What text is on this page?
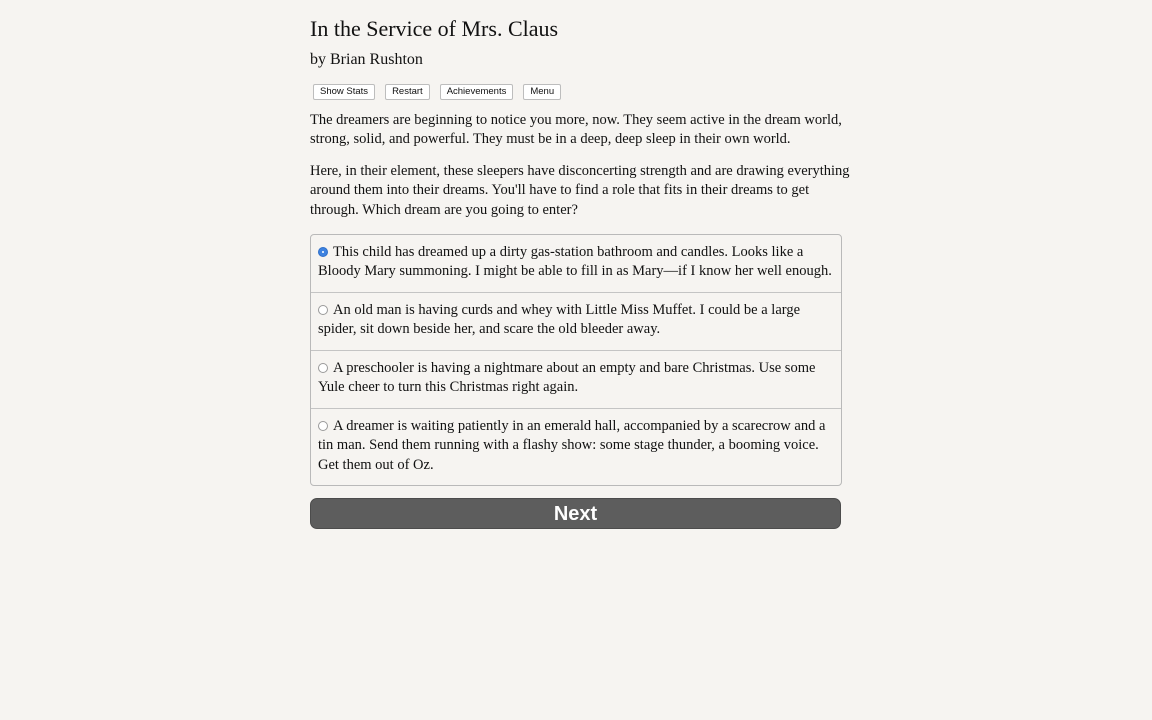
In the Service of Mrs. Claus
by Brian Rushton
Show Stats	Restart	Achievements	Menu

The dreamers are beginning to notice you more, now. They seem active in the dream world, strong, solid, and powerful. They must be in a deep, deep sleep in their own world.

Here, in their element, these sleepers have disconcerting strength and are drawing everything around them into their dreams. You'll have to find a role that fits in their dreams to get through. Which dream are you going to enter?

This child has dreamed up a dirty gas-station bathroom and candles. Looks like a Bloody Mary summoning. I might be able to fill in as Mary—if I know her well enough.
An old man is having curds and whey with Little Miss Muffet. I could be a large spider, sit down beside her, and scare the old bleeder away.
A preschooler is having a nightmare about an empty and bare Christmas. Use some Yule cheer to turn this Christmas right again.
A dreamer is waiting patiently in an emerald hall, accompanied by a scarecrow and a tin man. Send them running with a flashy show: some stage thunder, a booming voice. Get them out of Oz.
Next
